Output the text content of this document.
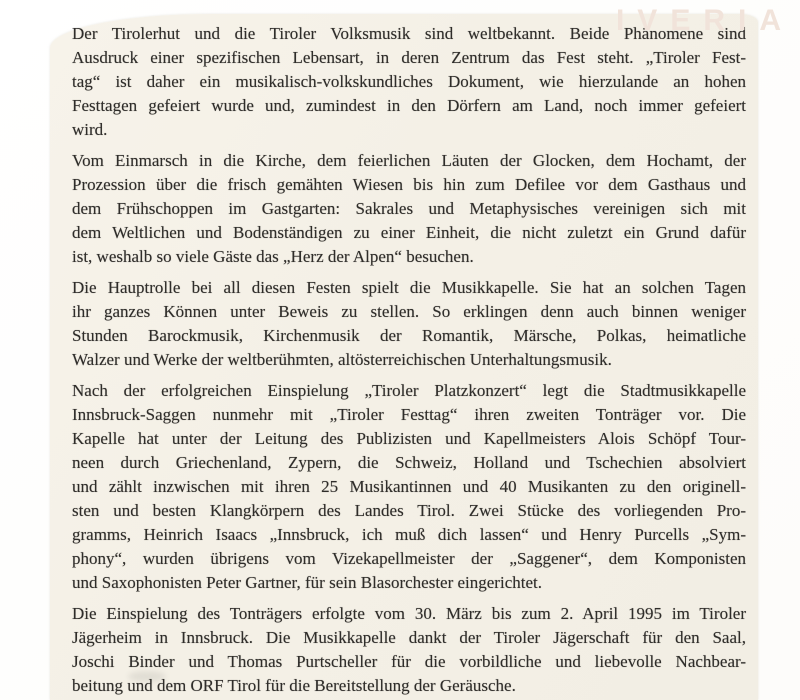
IVERIA
Der Tirolerhut und die Tiroler Volksmusik sind weltbekannt. Beide Phänomene sind
Ausdruck einer spezifischen Lebensart, in deren Zentrum das Fest steht. „Tiroler Fest-
tag“ ist daher ein musikalisch-volkskundliches Dokument, wie hierzulande an hohen
Festtagen gefeiert wurde und, zumindest in den Dörfern am Land, noch immer gefeiert
wird.
Vom Einmarsch in die Kirche, dem feierlichen Läuten der Glocken, dem Hochamt, der
Prozession über die frisch gemähten Wiesen bis hin zum Defilee vor dem Gasthaus und
dem Frühschoppen im Gastgarten: Sakrales und Metaphysisches vereinigen sich mit
dem Weltlichen und Bodenständigen zu einer Einheit, die nicht zuletzt ein Grund dafür
ist, weshalb so viele Gäste das „Herz der Alpen“ besuchen.
Die Hauptrolle bei all diesen Festen spielt die Musikkapelle. Sie hat an solchen Tagen
ihr ganzes Können unter Beweis zu stellen. So erklingen denn auch binnen weniger
Stunden Barockmusik, Kirchenmusik der Romantik, Märsche, Polkas, heimatliche
Walzer und Werke der weltberühmten, altösterreichischen Unterhaltungsmusik.
Nach der erfolgreichen Einspielung „Tiroler Platzkonzert“ legt die Stadtmusikkapelle
Innsbruck-Saggen nunmehr mit „Tiroler Festtag“ ihren zweiten Tonträger vor. Die
Kapelle hat unter der Leitung des Publizisten und Kapellmeisters Alois Schöpf Tour-
neen durch Griechenland, Zypern, die Schweiz, Holland und Tschechien absolviert
und zählt inzwischen mit ihren 25 Musikantinnen und 40 Musikanten zu den originell-
sten und besten Klangkörpern des Landes Tirol. Zwei Stücke des vorliegenden Pro-
gramms, Heinrich Isaacs „Innsbruck, ich muß dich lassen“ und Henry Purcells „Sym-
phony“, wurden übrigens vom Vizekapellmeister der „Saggener“, dem Komponisten
und Saxophonisten Peter Gartner, für sein Blasorchester eingerichtet.
Die Einspielung des Tonträgers erfolgte vom 30. März bis zum 2. April 1995 im Tiroler
Jägerheim in Innsbruck. Die Musikkapelle dankt der Tiroler Jägerschaft für den Saal,
Joschi Binder und Thomas Purtscheller für die vorbildliche und liebevolle Nachbear-
beitung und dem ORF Tirol für die Bereitstellung der Geräusche.
